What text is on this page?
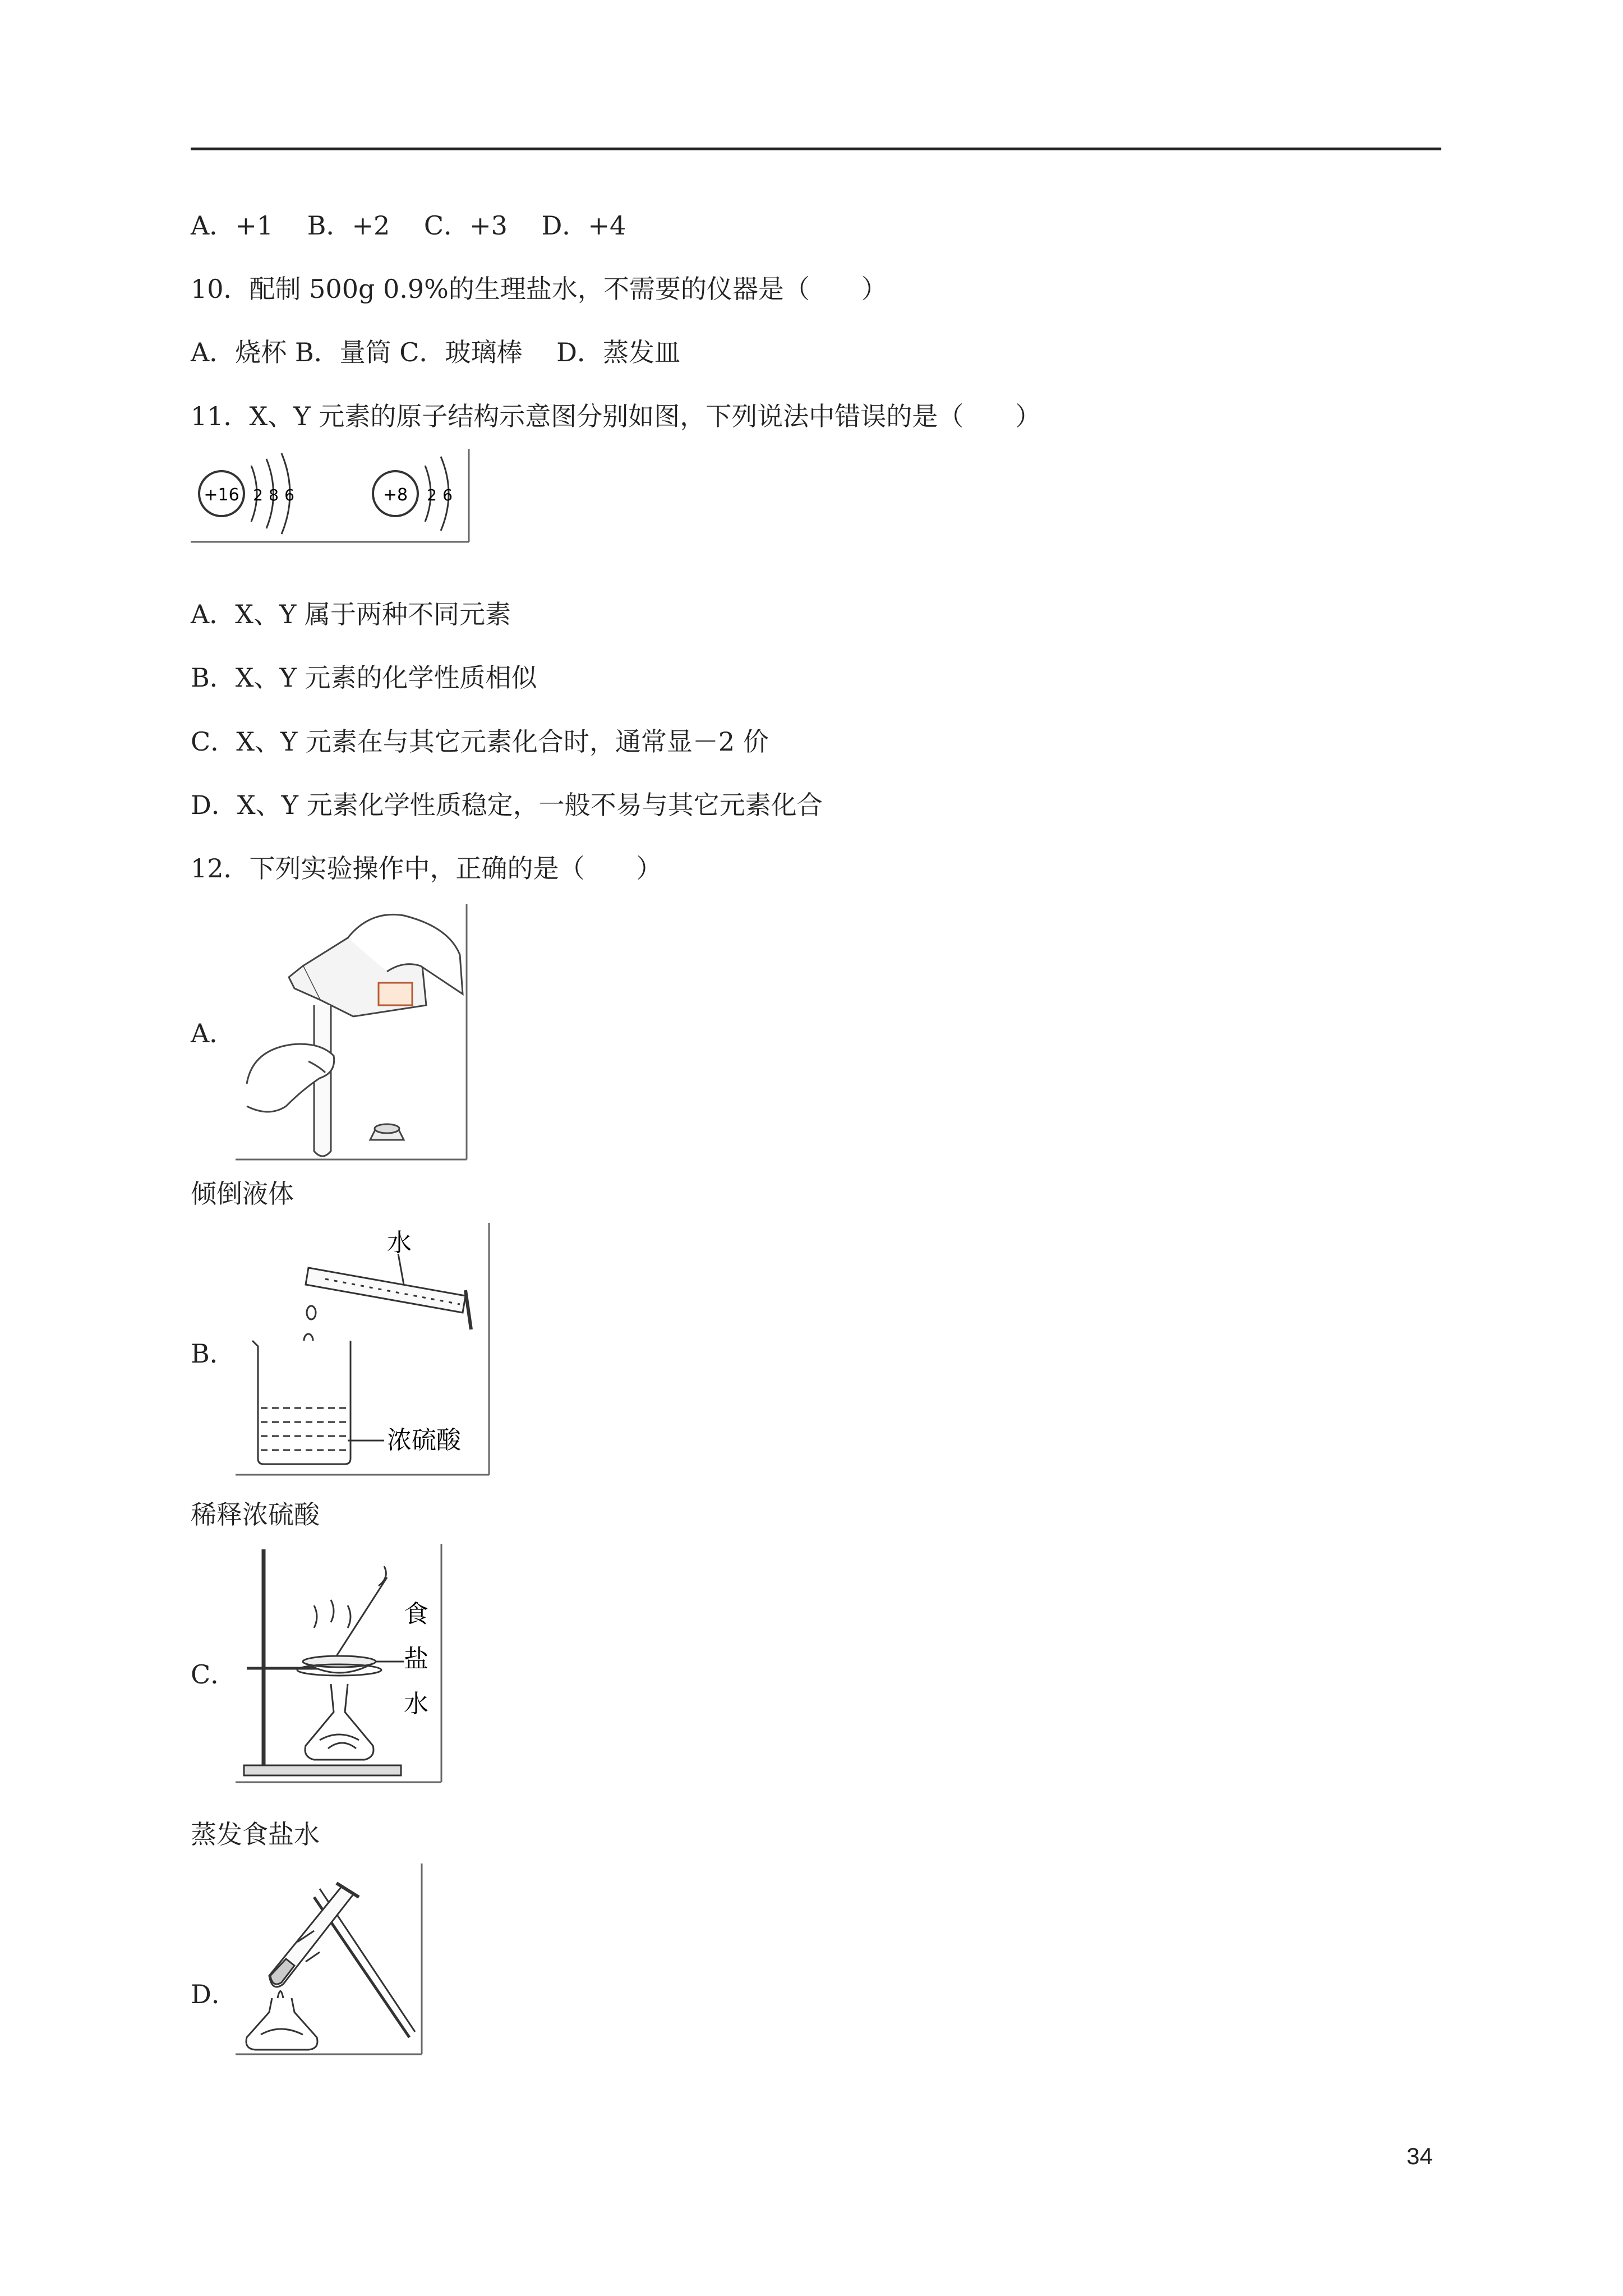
A．+1　 B．+2　 C．+3　 D．+4
10．配制 500g 0.9%的生理盐水，不需要的仪器是（　　）
A．烧杯 B．量筒 C．玻璃棒　 D．蒸发皿
11．X、Y 元素的原子结构示意图分别如图，下列说法中错误的是（　　）
+16 2 8 6	+8 2 6
A．X、Y 属于两种不同元素
B．X、Y 元素的化学性质相似
C．X、Y 元素在与其它元素化合时，通常显－2 价
D．X、Y 元素化学性质稳定，一般不易与其它元素化合
12．下列实验操作中，正确的是（　　）
A．
倾倒液体
B．
水
浓硫酸
稀释浓硫酸
C．
食
盐
水
蒸发食盐水
D．
34
